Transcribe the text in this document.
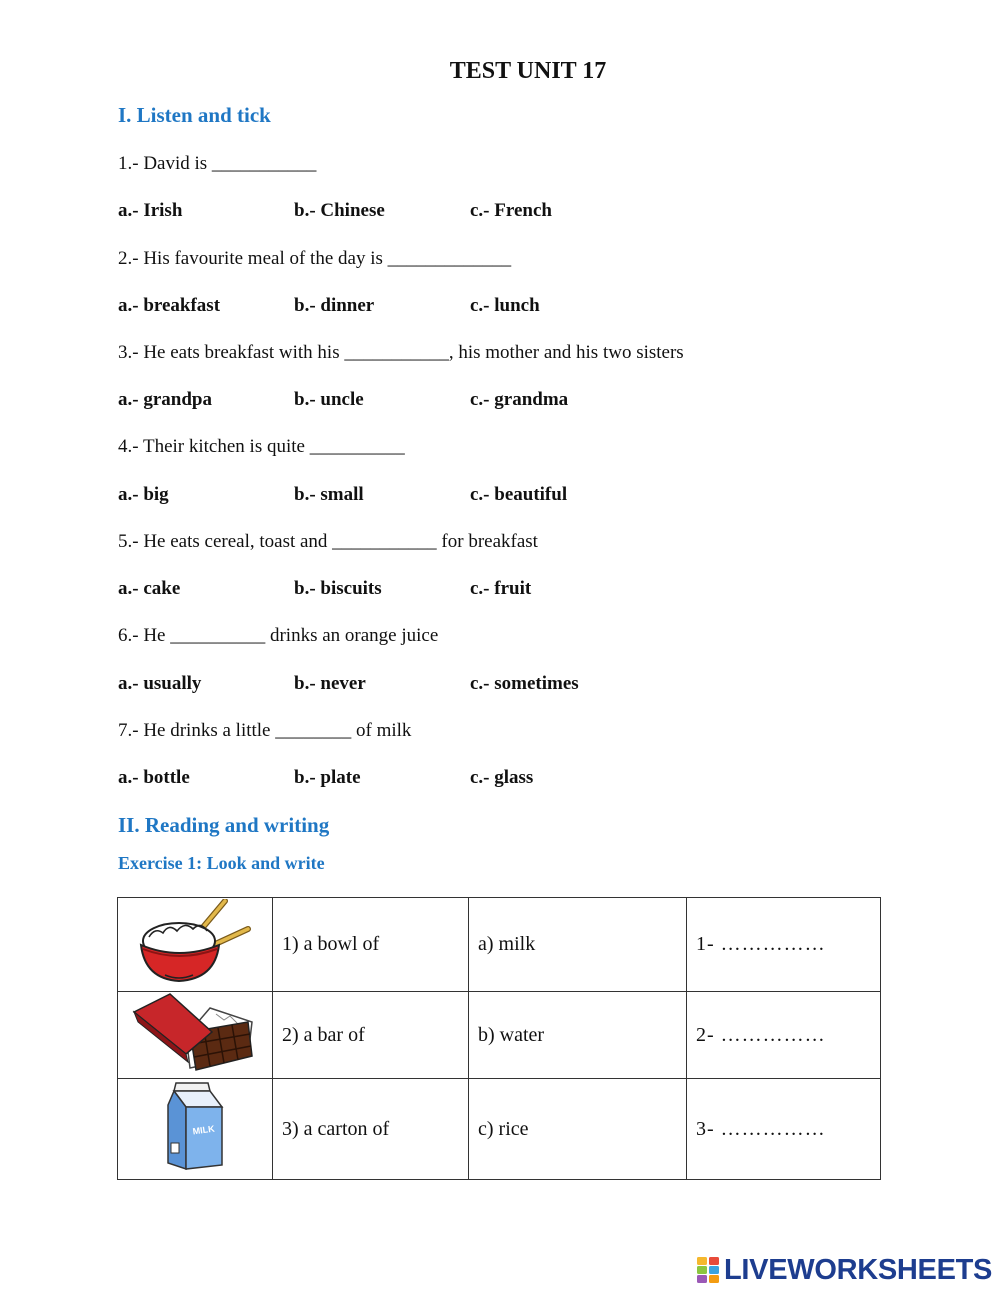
TEST UNIT 17
I. Listen and tick
1.- David is ___________
a.- Irish	b.- Chinese	c.- French
2.- His favourite meal of the day is _____________
a.- breakfast	b.- dinner	c.- lunch
3.- He eats breakfast with his ___________, his mother and his two sisters
a.- grandpa	b.- uncle	c.- grandma
4.- Their kitchen is quite __________
a.- big	b.- small	c.- beautiful
5.- He eats cereal, toast and ___________ for breakfast
a.- cake	b.- biscuits	c.- fruit
6.- He __________ drinks an orange juice
a.- usually	b.- never	c.- sometimes
7.- He drinks a little ________ of milk
a.- bottle	b.- plate	c.- glass
II. Reading and writing
Exercise 1: Look and write
	1) a bowl of	a) milk	1- ……………
	2) a bar of	b) water	2- ……………

MILK	3) a carton of	c) rice	3- ……………
LIVEWORKSHEETS
